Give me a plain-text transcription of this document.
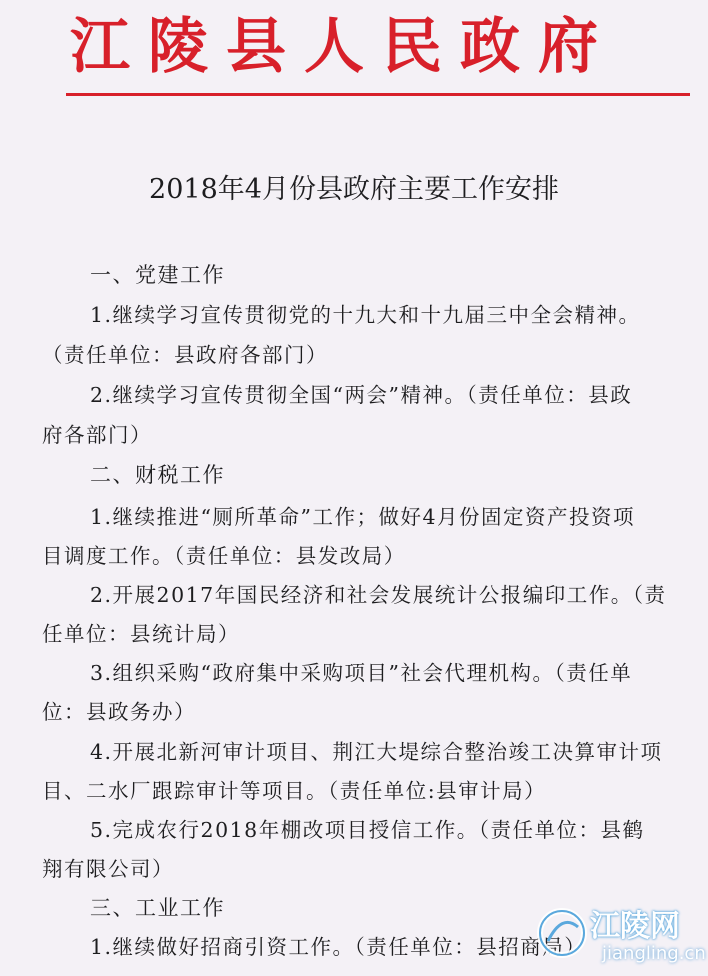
江陵县人民政府
2018年4月份县政府主要工作安排
一、党建工作
1.继续学习宣传贯彻党的十九大和十九届三中全会精神。
（责任单位：县政府各部门）
2.继续学习宣传贯彻全国“两会”精神。（责任单位：县政
府各部门）
二、财税工作
1.继续推进“厕所革命”工作；做好4月份固定资产投资项
目调度工作。（责任单位：县发改局）
2.开展2017年国民经济和社会发展统计公报编印工作。（责
任单位：县统计局）
3.组织采购“政府集中采购项目”社会代理机构。（责任单
位：县政务办）
4.开展北新河审计项目、荆江大堤综合整治竣工决算审计项
目、二水厂跟踪审计等项目。（责任单位:县审计局）
5.完成农行2018年棚改项目授信工作。（责任单位：县鹤
翔有限公司）
三、工业工作
1.继续做好招商引资工作。（责任单位：县招商局）
江陵网
jiangling.cn
